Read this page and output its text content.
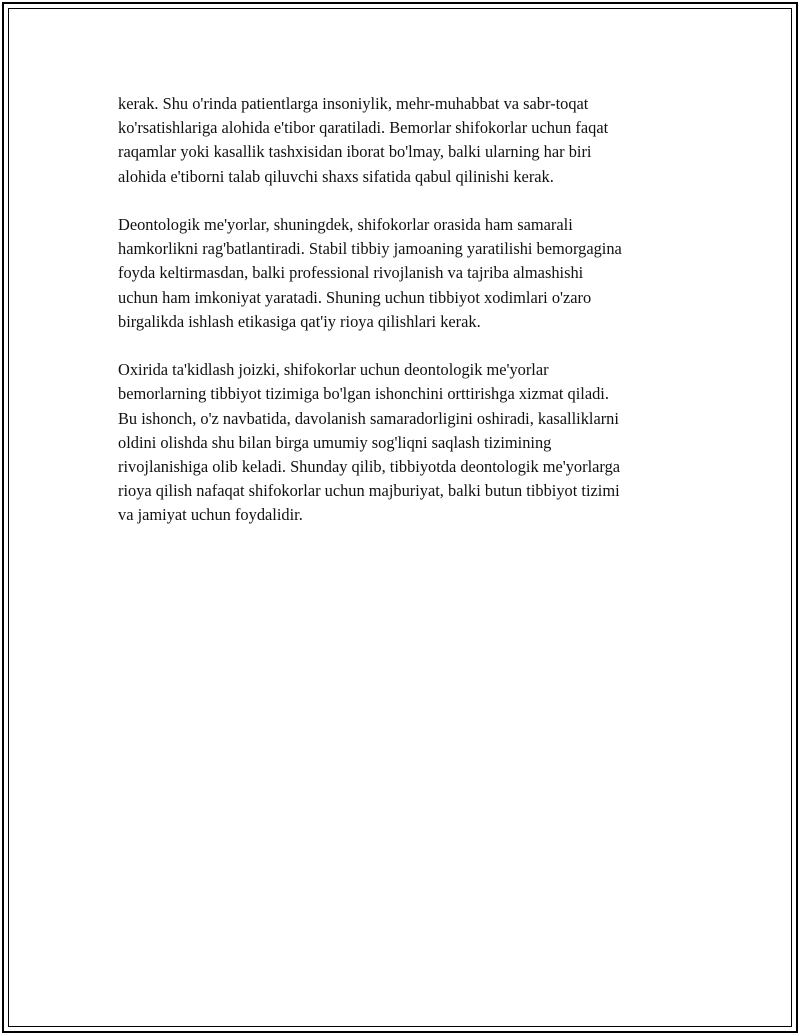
kerak. Shu o'rinda patientlarga insoniylik, mehr-muhabbat va sabr-toqat
ko'rsatishlariga alohida e'tibor qaratiladi. Bemorlar shifokorlar uchun faqat
raqamlar yoki kasallik tashxisidan iborat bo'lmay, balki ularning har biri
alohida e'tiborni talab qiluvchi shaxs sifatida qabul qilinishi kerak.

Deontologik me'yorlar, shuningdek, shifokorlar orasida ham samarali
hamkorlikni rag'batlantiradi. Stabil tibbiy jamoaning yaratilishi bemorgagina
foyda keltirmasdan, balki professional rivojlanish va tajriba almashishi
uchun ham imkoniyat yaratadi. Shuning uchun tibbiyot xodimlari o'zaro
birgalikda ishlash etikasiga qat'iy rioya qilishlari kerak.

Oxirida ta'kidlash joizki, shifokorlar uchun deontologik me'yorlar
bemorlarning tibbiyot tizimiga bo'lgan ishonchini orttirishga xizmat qiladi.
Bu ishonch, o'z navbatida, davolanish samaradorligini oshiradi, kasalliklarni
oldini olishda shu bilan birga umumiy sog'liqni saqlash tizimining
rivojlanishiga olib keladi. Shunday qilib, tibbiyotda deontologik me'yorlarga
rioya qilish nafaqat shifokorlar uchun majburiyat, balki butun tibbiyot tizimi
va jamiyat uchun foydalidir.
